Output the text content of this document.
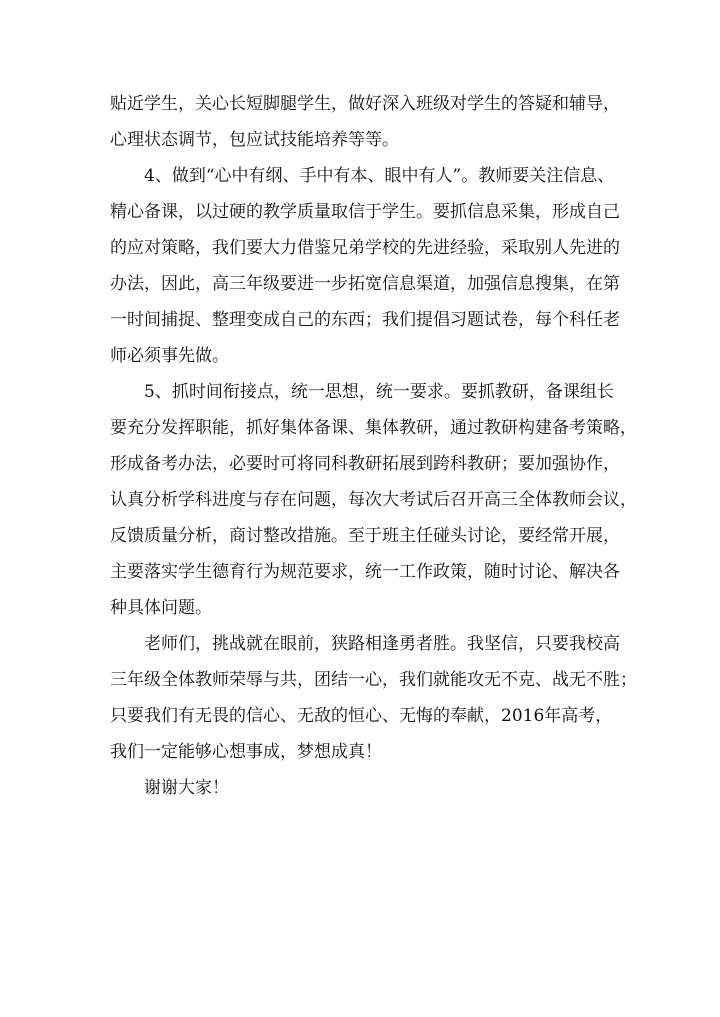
贴近学生，关心长短脚腿学生，做好深入班级对学生的答疑和辅导，
心理状态调节，包应试技能培养等等。
4、做到“心中有纲、手中有本、眼中有人”。教师要关注信息、
精心备课，以过硬的教学质量取信于学生。要抓信息采集，形成自己
的应对策略，我们要大力借鉴兄弟学校的先进经验，采取别人先进的
办法，因此，高三年级要进一步拓宽信息渠道，加强信息搜集，在第
一时间捕捉、整理变成自己的东西；我们提倡习题试卷，每个科任老
师必须事先做。
5、抓时间衔接点，统一思想，统一要求。要抓教研，备课组长
要充分发挥职能，抓好集体备课、集体教研，通过教研构建备考策略，
形成备考办法，必要时可将同科教研拓展到跨科教研；要加强协作，
认真分析学科进度与存在问题，每次大考试后召开高三全体教师会议，
反馈质量分析，商讨整改措施。至于班主任碰头讨论，要经常开展，
主要落实学生德育行为规范要求，统一工作政策，随时讨论、解决各
种具体问题。
老师们，挑战就在眼前，狭路相逢勇者胜。我坚信，只要我校高
三年级全体教师荣辱与共，团结一心，我们就能攻无不克、战无不胜；
只要我们有无畏的信心、无敌的恒心、无悔的奉献，2016年高考，
我们一定能够心想事成，梦想成真！
谢谢大家！
